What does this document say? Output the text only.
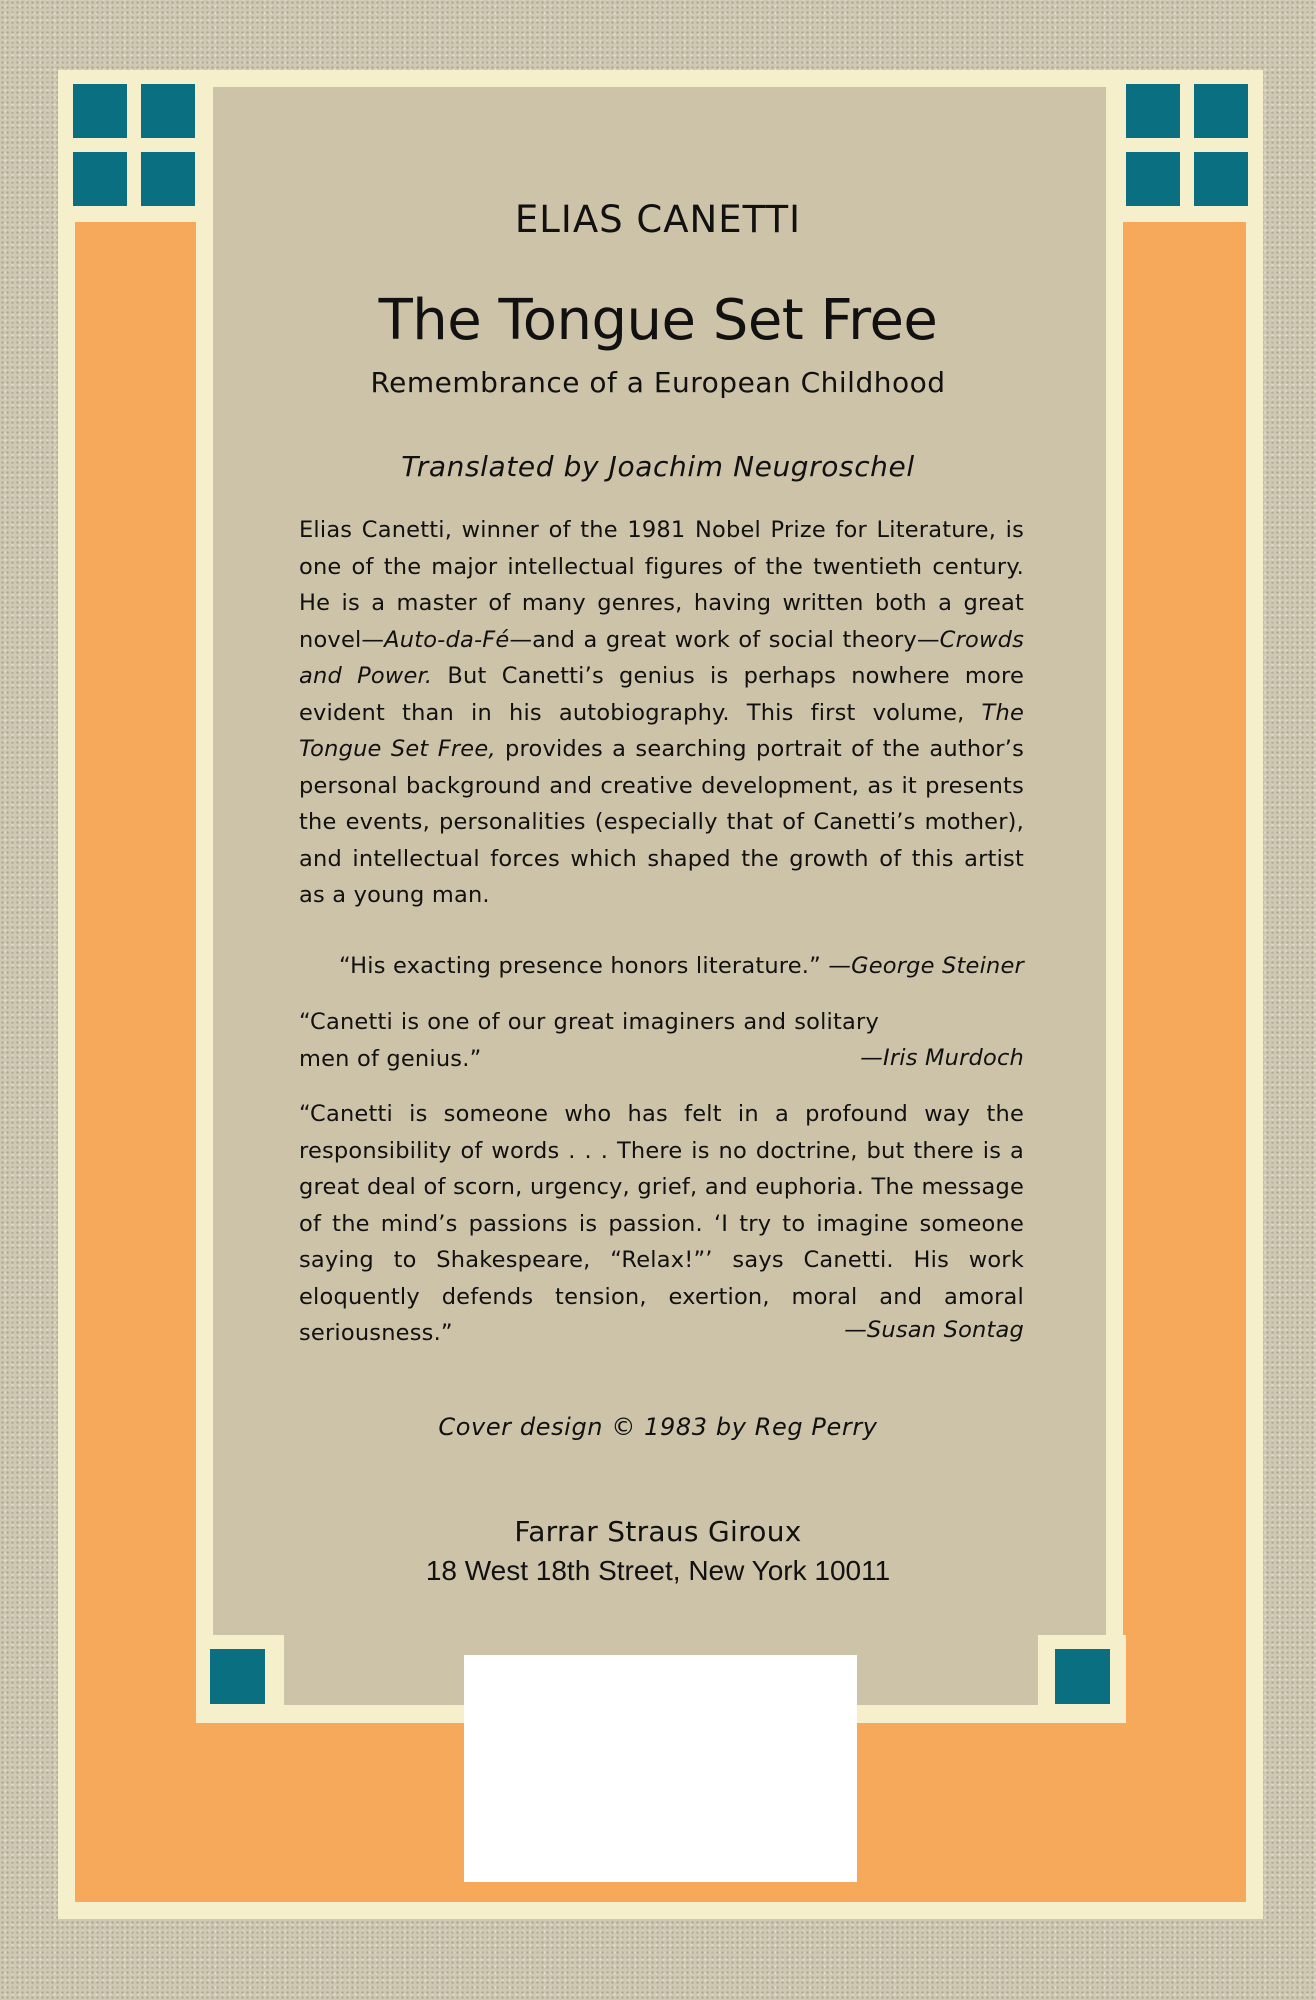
ELIAS CANETTI
The Tongue Set Free
Remembrance of a European Childhood
Translated by Joachim Neugroschel
Elias Canetti, winner of the 1981 Nobel Prize for Literature, is one of the major intellectual figures of the twentieth century. He is a master of many genres, having written both a great novel—Auto-da-Fé—and a great work of social theory—Crowds and Power. But Canetti’s genius is perhaps nowhere more evident than in his autobiography. This first volume, The Tongue Set Free, provides a searching portrait of the author’s personal background and creative development, as it presents the events, personalities (especially that of Canetti’s mother), and intellectual forces which shaped the growth of this artist as a young man.
“His exacting presence honors literature.” —George Steiner
“Canetti is one of our great imaginers and solitary men of genius.”	—Iris Murdoch
“Canetti is someone who has felt in a profound way the responsibility of words . . . There is no doctrine, but there is a great deal of scorn, urgency, grief, and euphoria. The message of the mind’s passions is passion. ‘I try to imagine someone saying to Shakespeare, “Relax!”’ says Canetti. His work eloquently defends tension, exertion, moral and amoral seriousness.”	—Susan Sontag
Cover design © 1983 by Reg Perry
Farrar Straus Giroux
18 West 18th Street, New York 10011
